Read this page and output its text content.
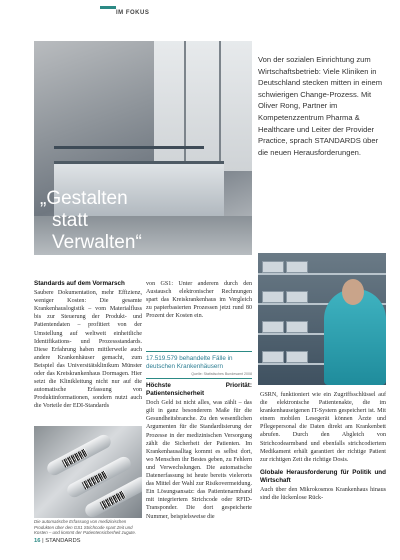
IM FOKUS
„Gestalten
statt
Verwalten“
Von der sozialen Einrichtung zum Wirtschaftsbetrieb: Viele Kliniken in Deutschland stecken mitten in einem schwierigen Change-Prozess. Mit Oliver Rong, Partner im Kompetenzzentrum Pharma & Healthcare und Leiter der Provider Practice, sprach STANDARDS über die neuen Herausforderungen.
Standards auf dem Vormarsch

Saubere Dokumentation, mehr Effizienz, weniger Kosten: Die gesamte Krankenhauslogistik – vom Materialfluss bis zur Steuerung der Produkt- und Patientendaten – profitiert von der Umstellung auf weltweit einheitliche Identifikations- und Prozessstandards. Diese Erfahrung haben mittlerweile auch andere Krankenhäuser gemacht, zum Beispiel das Universitätsklinikum Münster oder das Kreiskrankenhaus Dormagen. Hier setzt die Klinikleitung nicht nur auf die automatische Erfassung von Produktinformationen, sondern nutzt auch die Vorteile der EDI-Standards

von GS1: Unter anderem durch den Austausch elektronischer Rechnungen spart das Kreiskrankenhaus im Vergleich zu papierbasierten Prozessen jetzt rund 80 Prozent der Kosten ein.

17.519.579 behandelte Fälle in
deutschen Krankenhäusern
Quelle: Statistisches Bundesamt 2008
Höchste Priorität: Patientensicherheit

Doch Geld ist nicht alles, was zählt – das gilt in ganz besonderem Maße für die Gesundheitsbranche. Zu den wesentlichen Argumenten für die Standardisierung der Prozesse in der medizinischen Versorgung zählt die Sicherheit der Patienten. Im Krankenhausalltag kommt es selbst dort, wo Menschen ihr Bestes geben, zu Fehlern und Verwechslungen. Die automatische Datenerfassung ist heute bereits vielerorts das Mittel der Wahl zur Risikovermeidung. Ein Lösungsansatz: das Patientenarmband mit integriertem Strichcode oder RFID-Transponder. Die dort gespeicherte Nummer, beispielsweise die

GSRN, funktioniert wie ein Zugriffsschlüssel auf die elektronische Patientenakte, die im krankenhauseigenen IT-System gespeichert ist. Mit einem mobilen Lesegerät können Ärzte und Pflegepersonal die Daten direkt am Krankenbett abrufen. Durch den Abgleich von Strichcodearmband und ebenfalls strichcodiertem Medikament erhält garantiert der richtige Patient zur richtigen Zeit die richtige Dosis.

Globale Herausforderung für Politik und Wirtschaft

Auch über den Mikrokosmos Krankenhaus hinaus sind die lückenlose Rück-

Die automatische Erfassung von medizinischen Produkten über den GS1 Strichcode spart Zeit und Kosten – und kommt der Patientensicherheit zugute.
16 | STANDARDS
